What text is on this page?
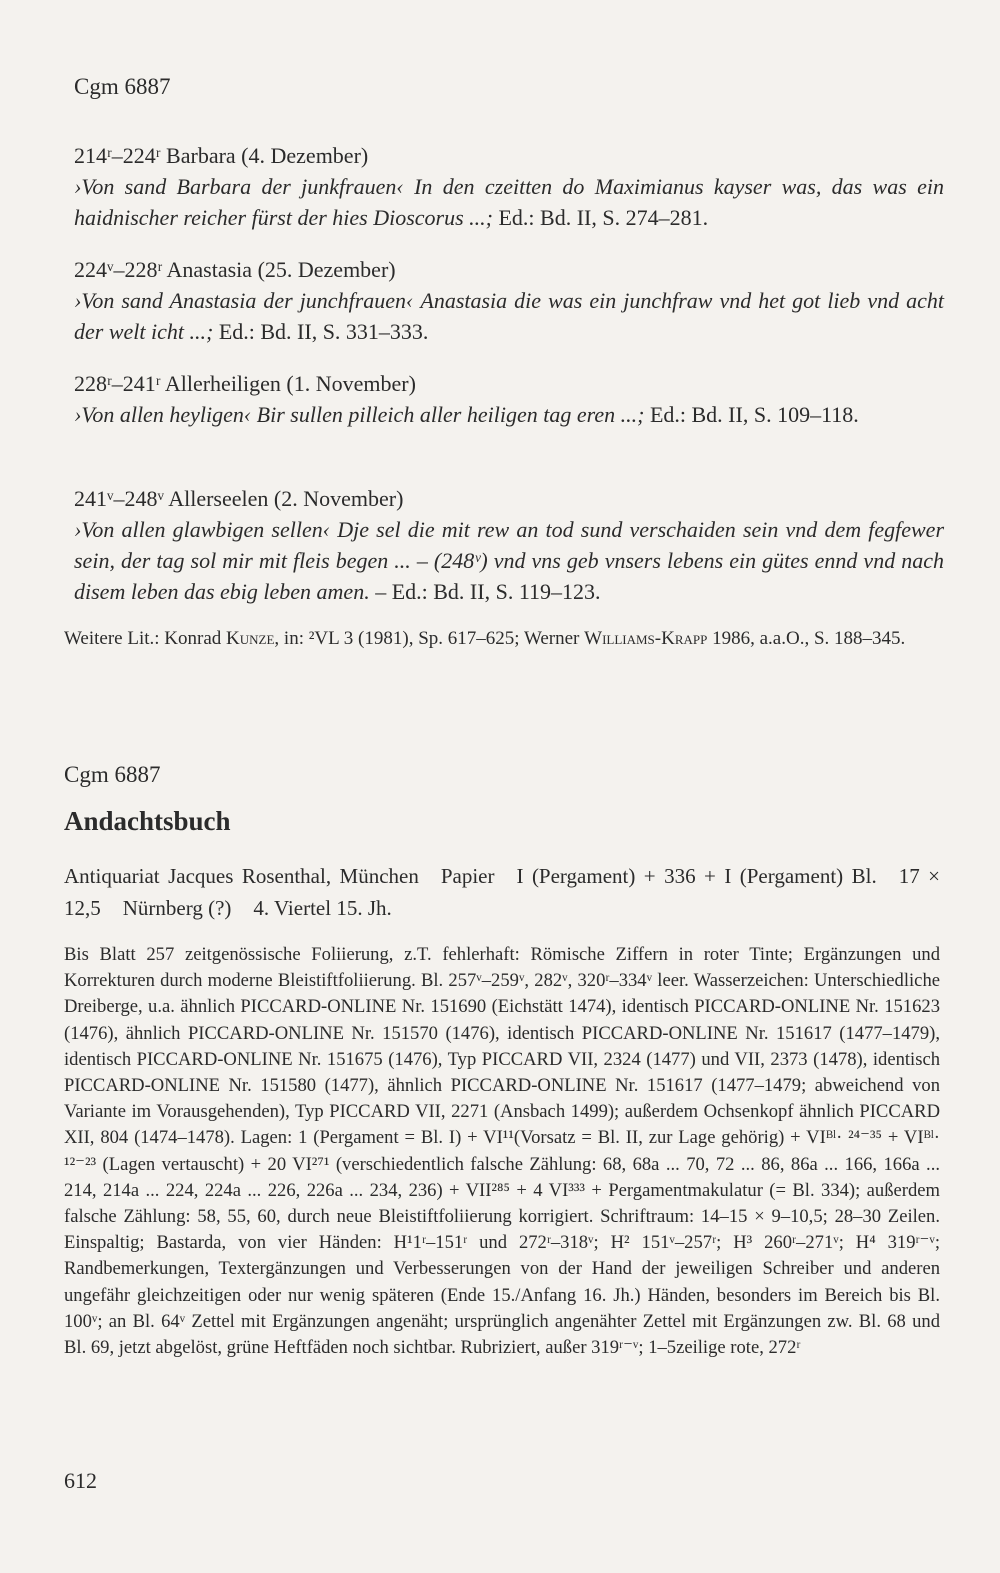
Cgm 6887
214ʳ–224ʳ Barbara (4. Dezember)
›Von sand Barbara der junkfrauen‹ In den czeitten do Maximianus kayser was, das was ein haidnischer reicher fürst der hies Dioscorus ...; Ed.: Bd. II, S. 274–281.
224ᵛ–228ʳ Anastasia (25. Dezember)
›Von sand Anastasia der junchfrauen‹ Anastasia die was ein junchfraw vnd het got lieb vnd acht der welt icht ...; Ed.: Bd. II, S. 331–333.
228ʳ–241ʳ Allerheiligen (1. November)
›Von allen heyligen‹ Bir sullen pilleich aller heiligen tag eren ...; Ed.: Bd. II, S. 109–118.
241ᵛ–248ᵛ Allerseelen (2. November)
›Von allen glawbigen sellen‹ Dje sel die mit rew an tod sund verschaiden sein vnd dem fegfewer sein, der tag sol mir mit fleis begen ... – (248ᵛ) vnd vns geb vnsers lebens ein gütes ennd vnd nach disem leben das ebig leben amen. – Ed.: Bd. II, S. 119–123.
Weitere Lit.: Konrad Kunze, in: ²VL 3 (1981), Sp. 617–625; Werner Williams-Krapp 1986, a.a.O., S. 188–345.
Cgm 6887
Andachtsbuch
Antiquariat Jacques Rosenthal, München Papier I (Pergament) + 336 + I (Pergament) Bl. 17 × 12,5 Nürnberg (?) 4. Viertel 15. Jh.
Bis Blatt 257 zeitgenössische Foliierung, z.T. fehlerhaft: Römische Ziffern in roter Tinte; Ergänzungen und Korrekturen durch moderne Bleistiftfoliierung. Bl. 257ᵛ–259ᵛ, 282ᵛ, 320ʳ–334ᵛ leer. Wasserzeichen: Unterschiedliche Dreiberge, u.a. ähnlich PICCARD-ONLINE Nr. 151690 (Eichstätt 1474), identisch PICCARD-ONLINE Nr. 151623 (1476), ähnlich PICCARD-ONLINE Nr. 151570 (1476), identisch PICCARD-ONLINE Nr. 151617 (1477–1479), identisch PICCARD-ONLINE Nr. 151675 (1476), Typ PICCARD VII, 2324 (1477) und VII, 2373 (1478), identisch PICCARD-ONLINE Nr. 151580 (1477), ähnlich PICCARD-ONLINE Nr. 151617 (1477–1479; abweichend von Variante im Vorausgehenden), Typ PICCARD VII, 2271 (Ansbach 1499); außerdem Ochsenkopf ähnlich PICCARD XII, 804 (1474–1478). Lagen: 1 (Pergament = Bl. I) + VI¹¹(Vorsatz = Bl. II, zur Lage gehörig) + VIᴮˡ· ²⁴⁻³⁵ + VIᴮˡ· ¹²⁻²³ (Lagen vertauscht) + 20 VI²⁷¹ (verschiedentlich falsche Zählung: 68, 68a ... 70, 72 ... 86, 86a ... 166, 166a ... 214, 214a ... 224, 224a ... 226, 226a ... 234, 236) + VII²⁸⁵ + 4 VI³³³ + Pergamentmakulatur (= Bl. 334); außerdem falsche Zählung: 58, 55, 60, durch neue Bleistiftfoliierung korrigiert. Schriftraum: 14–15 × 9–10,5; 28–30 Zeilen. Einspaltig; Bastarda, von vier Händen: H¹1ʳ–151ʳ und 272ʳ–318ᵛ; H² 151ᵛ–257ʳ; H³ 260ʳ–271ᵛ; H⁴ 319ʳ⁻ᵛ; Randbemerkungen, Textergänzungen und Verbesserungen von der Hand der jeweiligen Schreiber und anderen ungefähr gleichzeitigen oder nur wenig späteren (Ende 15./Anfang 16. Jh.) Händen, besonders im Bereich bis Bl. 100ᵛ; an Bl. 64ᵛ Zettel mit Ergänzungen angenäht; ursprünglich angenähter Zettel mit Ergänzungen zw. Bl. 68 und Bl. 69, jetzt abgelöst, grüne Heftfäden noch sichtbar. Rubriziert, außer 319ʳ⁻ᵛ; 1–5zeilige rote, 272ʳ
612
